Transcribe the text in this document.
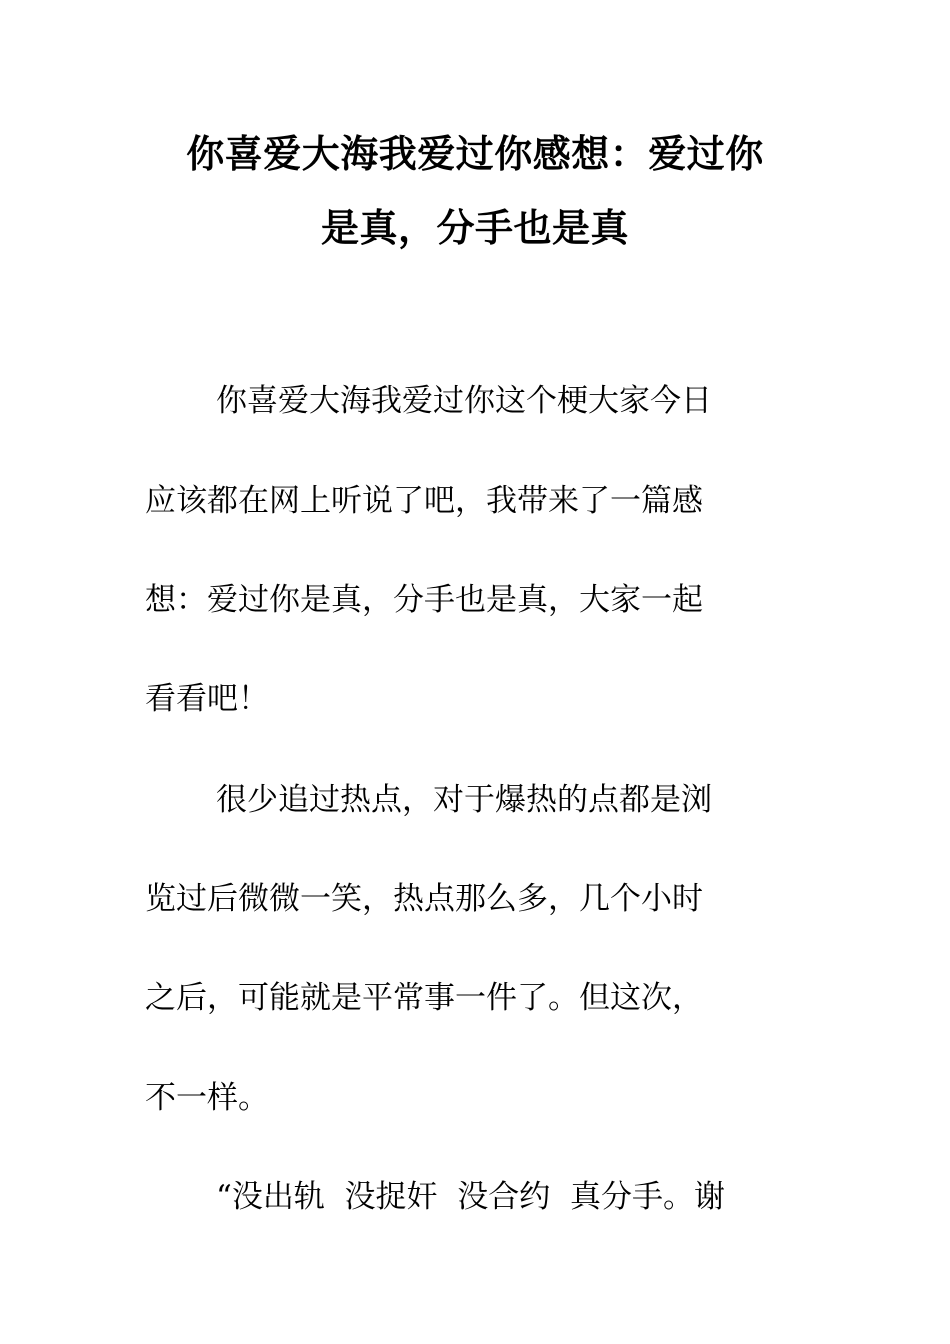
你喜爱大海我爱过你感想：爱过你
是真，分手也是真
你喜爱大海我爱过你这个梗大家今日
应该都在网上听说了吧，我带来了一篇感
想：爱过你是真，分手也是真，大家一起
看看吧！
很少追过热点，对于爆热的点都是浏
览过后微微一笑，热点那么多，几个小时
之后，可能就是平常事一件了。但这次，
不一样。
“没出轨  没捉奸  没合约  真分手。谢
